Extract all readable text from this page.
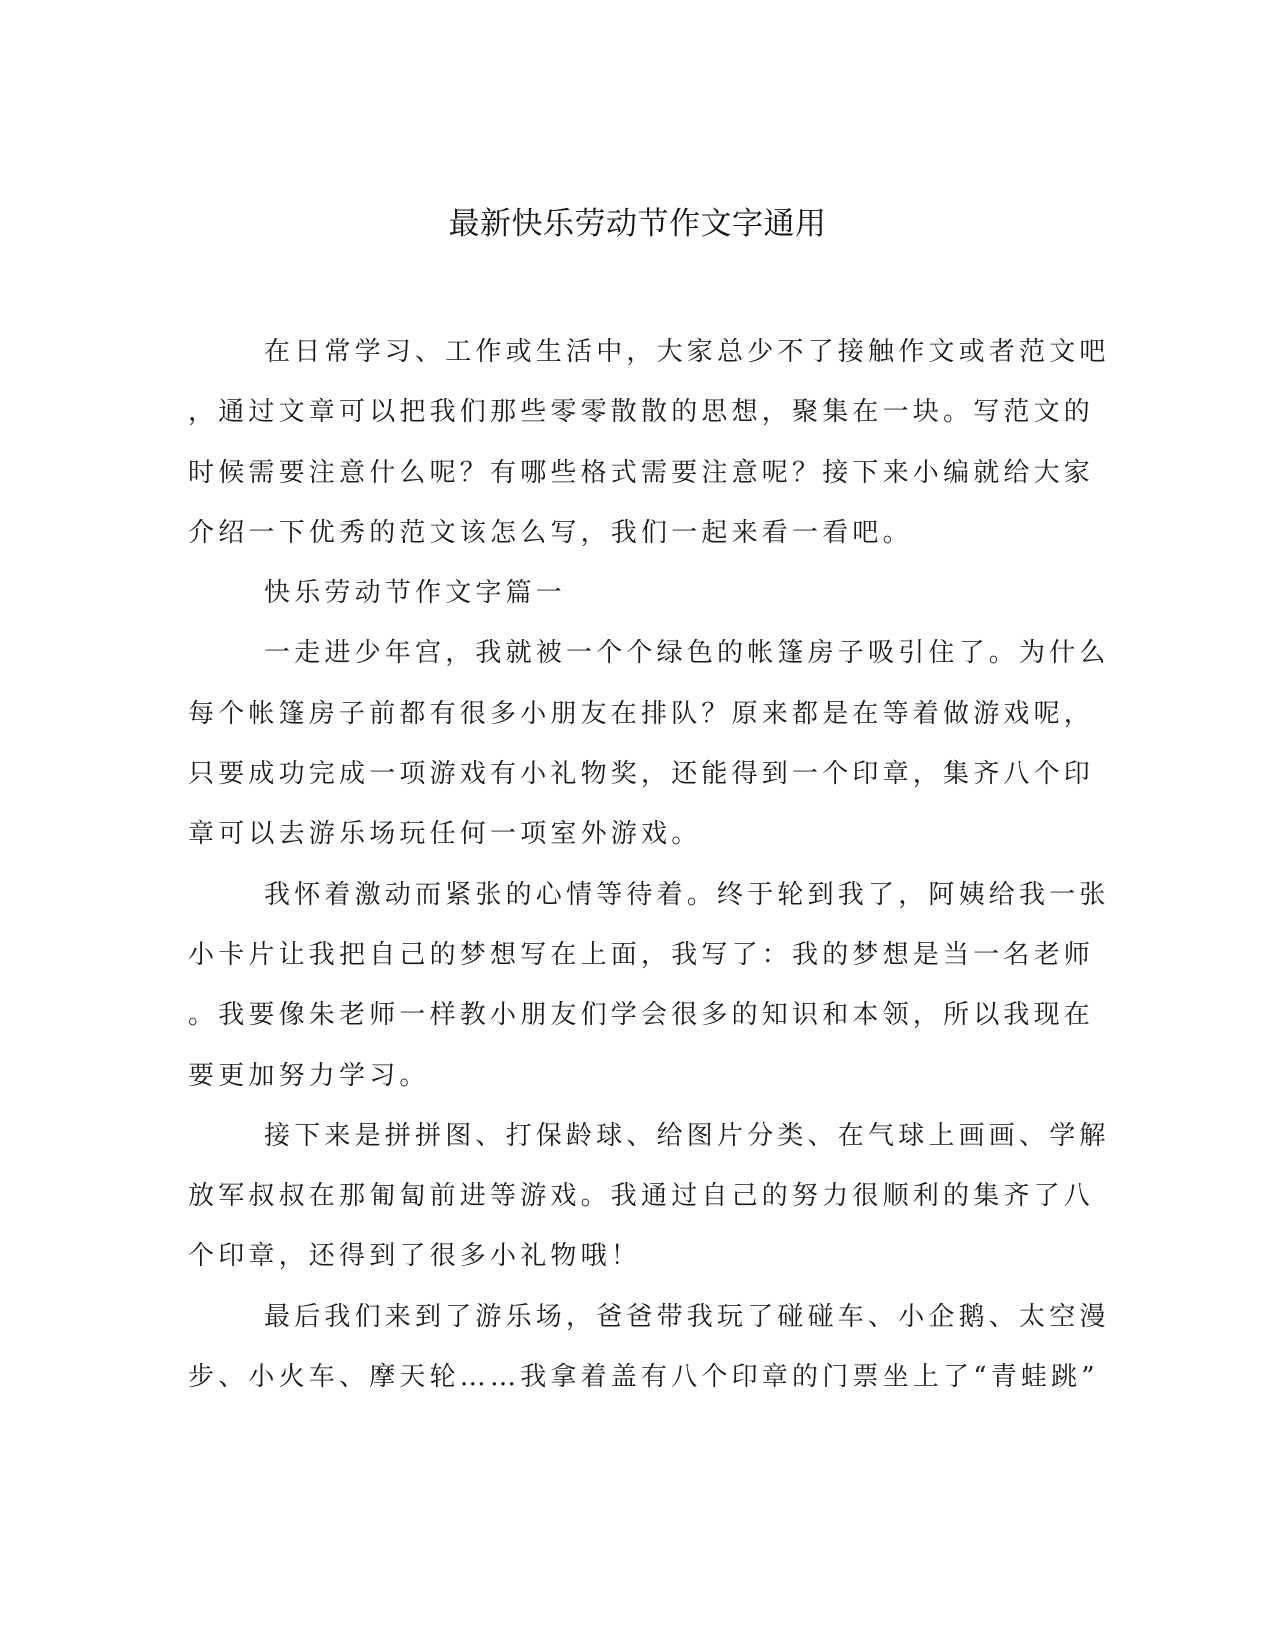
最新快乐劳动节作文字通用
在日常学习、工作或生活中，大家总少不了接触作文或者范文吧
，通过文章可以把我们那些零零散散的思想，聚集在一块。写范文的
时候需要注意什么呢？有哪些格式需要注意呢？接下来小编就给大家
介绍一下优秀的范文该怎么写，我们一起来看一看吧。
快乐劳动节作文字篇一
一走进少年宫，我就被一个个绿色的帐篷房子吸引住了。为什么
每个帐篷房子前都有很多小朋友在排队？原来都是在等着做游戏呢，
只要成功完成一项游戏有小礼物奖，还能得到一个印章，集齐八个印
章可以去游乐场玩任何一项室外游戏。
我怀着激动而紧张的心情等待着。终于轮到我了，阿姨给我一张
小卡片让我把自己的梦想写在上面，我写了：我的梦想是当一名老师
。我要像朱老师一样教小朋友们学会很多的知识和本领，所以我现在
要更加努力学习。
接下来是拼拼图、打保龄球、给图片分类、在气球上画画、学解
放军叔叔在那匍匐前进等游戏。我通过自己的努力很顺利的集齐了八
个印章，还得到了很多小礼物哦！
最后我们来到了游乐场，爸爸带我玩了碰碰车、小企鹅、太空漫
步、小火车、摩天轮……我拿着盖有八个印章的门票坐上了“青蛙跳”
